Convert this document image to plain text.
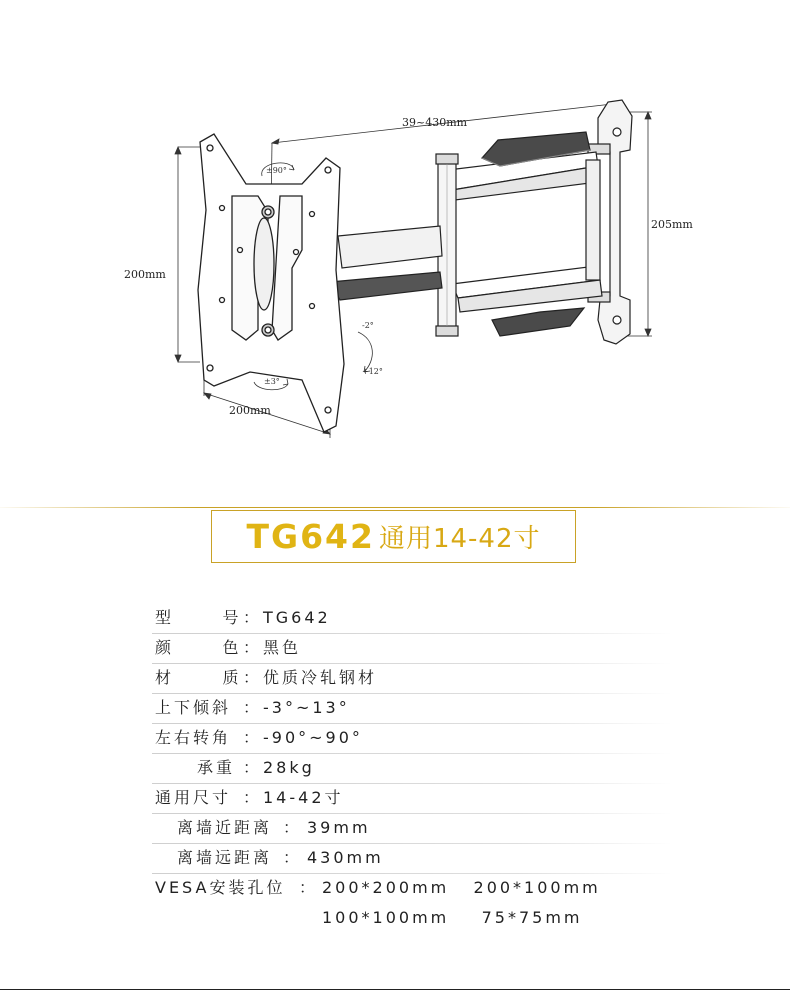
39~430mm
200mm
205mm
200mm
±90°
±3°
-2°
+12°
TG642 通用14-42寸
型      号 ： TG642
颜      色 ： 黑色
材      质 ： 优质冷轧钢材
上下倾斜 ： -3°~13°
左右转角 ： -90°~90°
承重 ： 28kg
通用尺寸 ： 14-42寸
离墙近距离 ： 39mm
离墙远距离 ： 430mm
VESA安装孔位 ： 200*200mm   200*100mm
100*100mm    75*75mm
